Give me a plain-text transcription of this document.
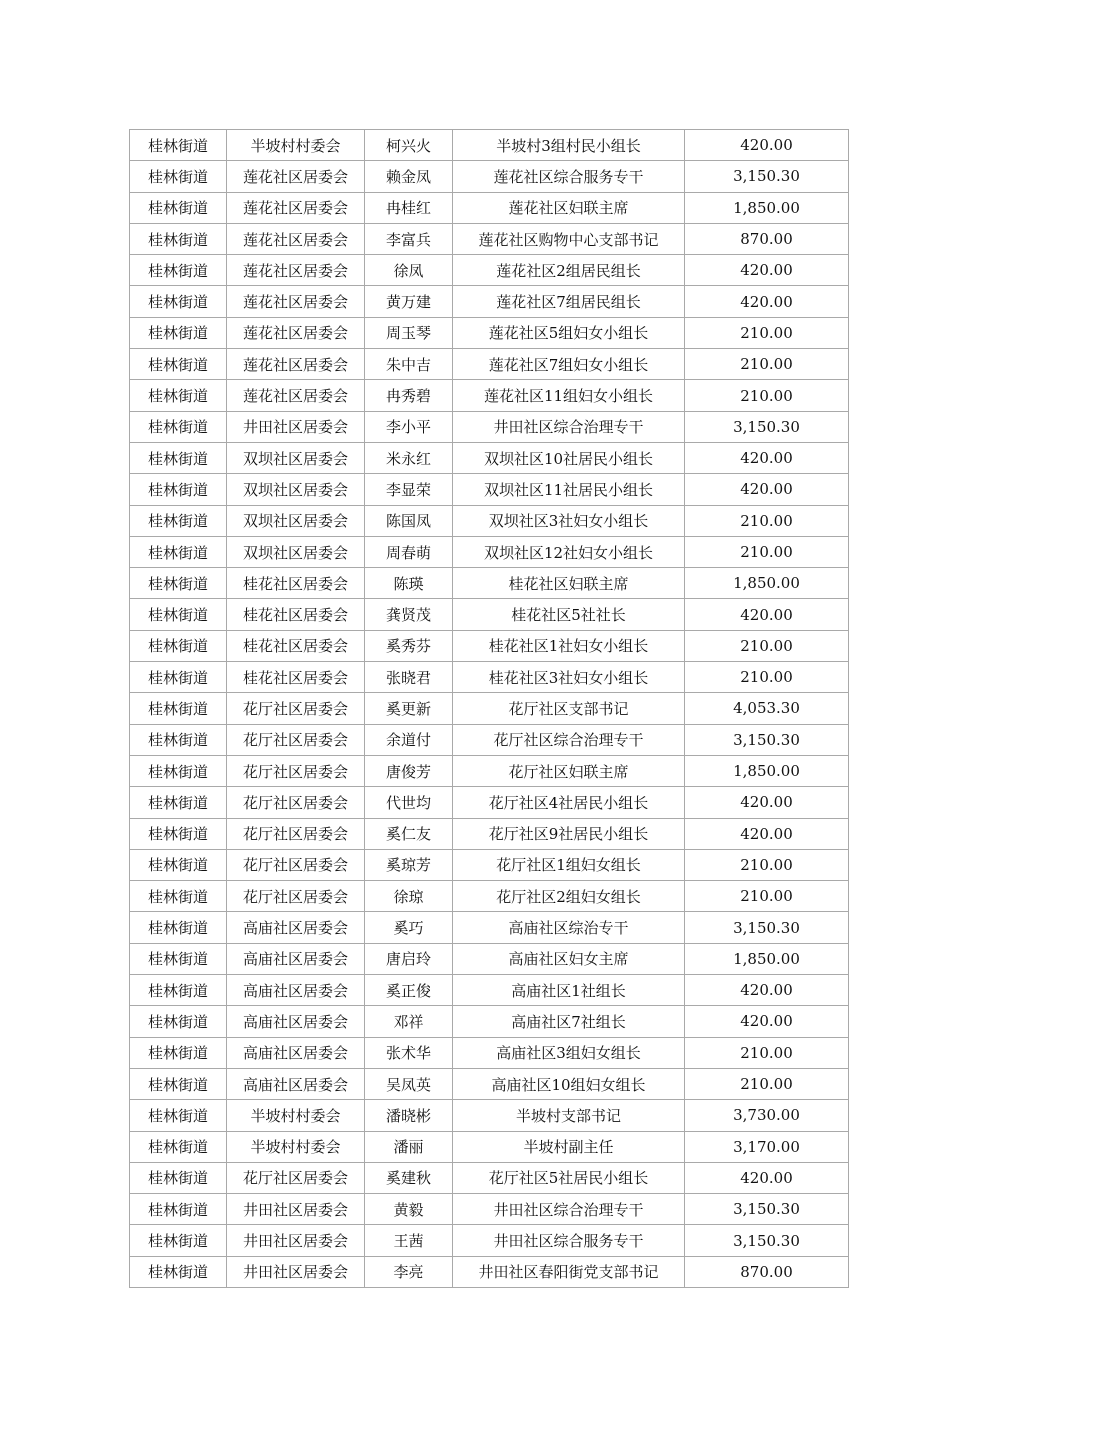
桂林街道	半坡村村委会	柯兴火	半坡村3组村民小组长	420.00
桂林街道	莲花社区居委会	赖金凤	莲花社区综合服务专干	3,150.30
桂林街道	莲花社区居委会	冉桂红	莲花社区妇联主席	1,850.00
桂林街道	莲花社区居委会	李富兵	莲花社区购物中心支部书记	870.00
桂林街道	莲花社区居委会	徐凤	莲花社区2组居民组长	420.00
桂林街道	莲花社区居委会	黄万建	莲花社区7组居民组长	420.00
桂林街道	莲花社区居委会	周玉琴	莲花社区5组妇女小组长	210.00
桂林街道	莲花社区居委会	朱中吉	莲花社区7组妇女小组长	210.00
桂林街道	莲花社区居委会	冉秀碧	莲花社区11组妇女小组长	210.00
桂林街道	井田社区居委会	李小平	井田社区综合治理专干	3,150.30
桂林街道	双坝社区居委会	米永红	双坝社区10社居民小组长	420.00
桂林街道	双坝社区居委会	李显荣	双坝社区11社居民小组长	420.00
桂林街道	双坝社区居委会	陈国凤	双坝社区3社妇女小组长	210.00
桂林街道	双坝社区居委会	周春萌	双坝社区12社妇女小组长	210.00
桂林街道	桂花社区居委会	陈瑛	桂花社区妇联主席	1,850.00
桂林街道	桂花社区居委会	龚贤茂	桂花社区5社社长	420.00
桂林街道	桂花社区居委会	奚秀芬	桂花社区1社妇女小组长	210.00
桂林街道	桂花社区居委会	张晓君	桂花社区3社妇女小组长	210.00
桂林街道	花厅社区居委会	奚更新	花厅社区支部书记	4,053.30
桂林街道	花厅社区居委会	余道付	花厅社区综合治理专干	3,150.30
桂林街道	花厅社区居委会	唐俊芳	花厅社区妇联主席	1,850.00
桂林街道	花厅社区居委会	代世均	花厅社区4社居民小组长	420.00
桂林街道	花厅社区居委会	奚仁友	花厅社区9社居民小组长	420.00
桂林街道	花厅社区居委会	奚琼芳	花厅社区1组妇女组长	210.00
桂林街道	花厅社区居委会	徐琼	花厅社区2组妇女组长	210.00
桂林街道	高庙社区居委会	奚巧	高庙社区综治专干	3,150.30
桂林街道	高庙社区居委会	唐启玲	高庙社区妇女主席	1,850.00
桂林街道	高庙社区居委会	奚正俊	高庙社区1社组长	420.00
桂林街道	高庙社区居委会	邓祥	高庙社区7社组长	420.00
桂林街道	高庙社区居委会	张术华	高庙社区3组妇女组长	210.00
桂林街道	高庙社区居委会	吴凤英	高庙社区10组妇女组长	210.00
桂林街道	半坡村村委会	潘晓彬	半坡村支部书记	3,730.00
桂林街道	半坡村村委会	潘丽	半坡村副主任	3,170.00
桂林街道	花厅社区居委会	奚建秋	花厅社区5社居民小组长	420.00
桂林街道	井田社区居委会	黄毅	井田社区综合治理专干	3,150.30
桂林街道	井田社区居委会	王茜	井田社区综合服务专干	3,150.30
桂林街道	井田社区居委会	李亮	井田社区春阳街党支部书记	870.00
